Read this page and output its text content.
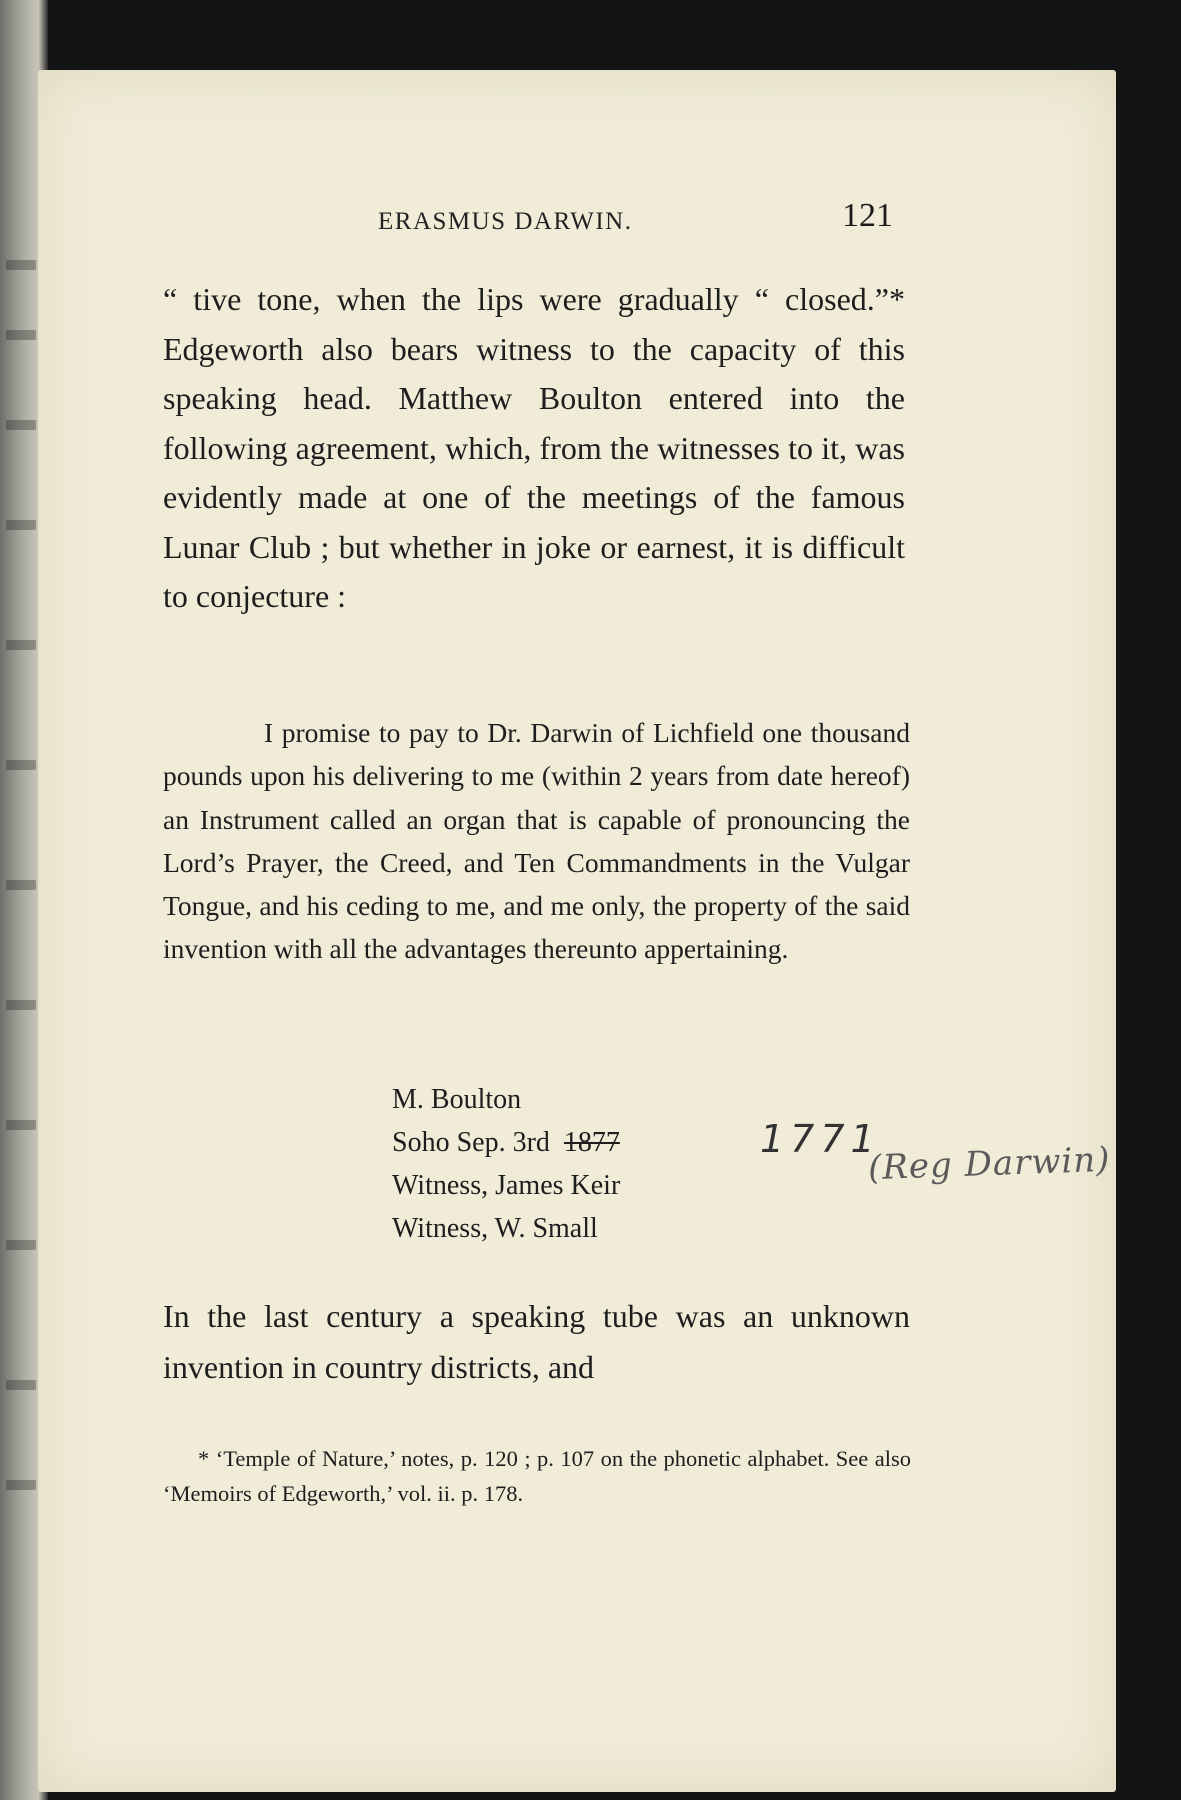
ERASMUS DARWIN.	121

“ tive tone, when the lips were gradually “ closed.”* Edgeworth also bears witness to the capacity of this speaking head. Matthew Boulton entered into the following agreement, which, from the witnesses to it, was evidently made at one of the meetings of the famous Lunar Club ; but whether in joke or earnest, it is difficult to conjecture :

I promise to pay to Dr. Darwin of Lichfield one thousand pounds upon his delivering to me (within 2 years from date hereof) an Instrument called an organ that is capable of pronouncing the Lord’s Prayer, the Creed, and Ten Commandments in the Vulgar Tongue, and his ceding to me, and me only, the property of the said invention with all the advantages thereunto appertaining.

M. Boulton
Soho Sep. 3rd 1877
Witness, James Keir
Witness, W. Small
1771
(Reg Darwin)

In the last century a speaking tube was an unknown invention in country districts, and

* ‘Temple of Nature,’ notes, p. 120 ; p. 107 on the phonetic alphabet. See also ‘Memoirs of Edgeworth,’ vol. ii. p. 178.
